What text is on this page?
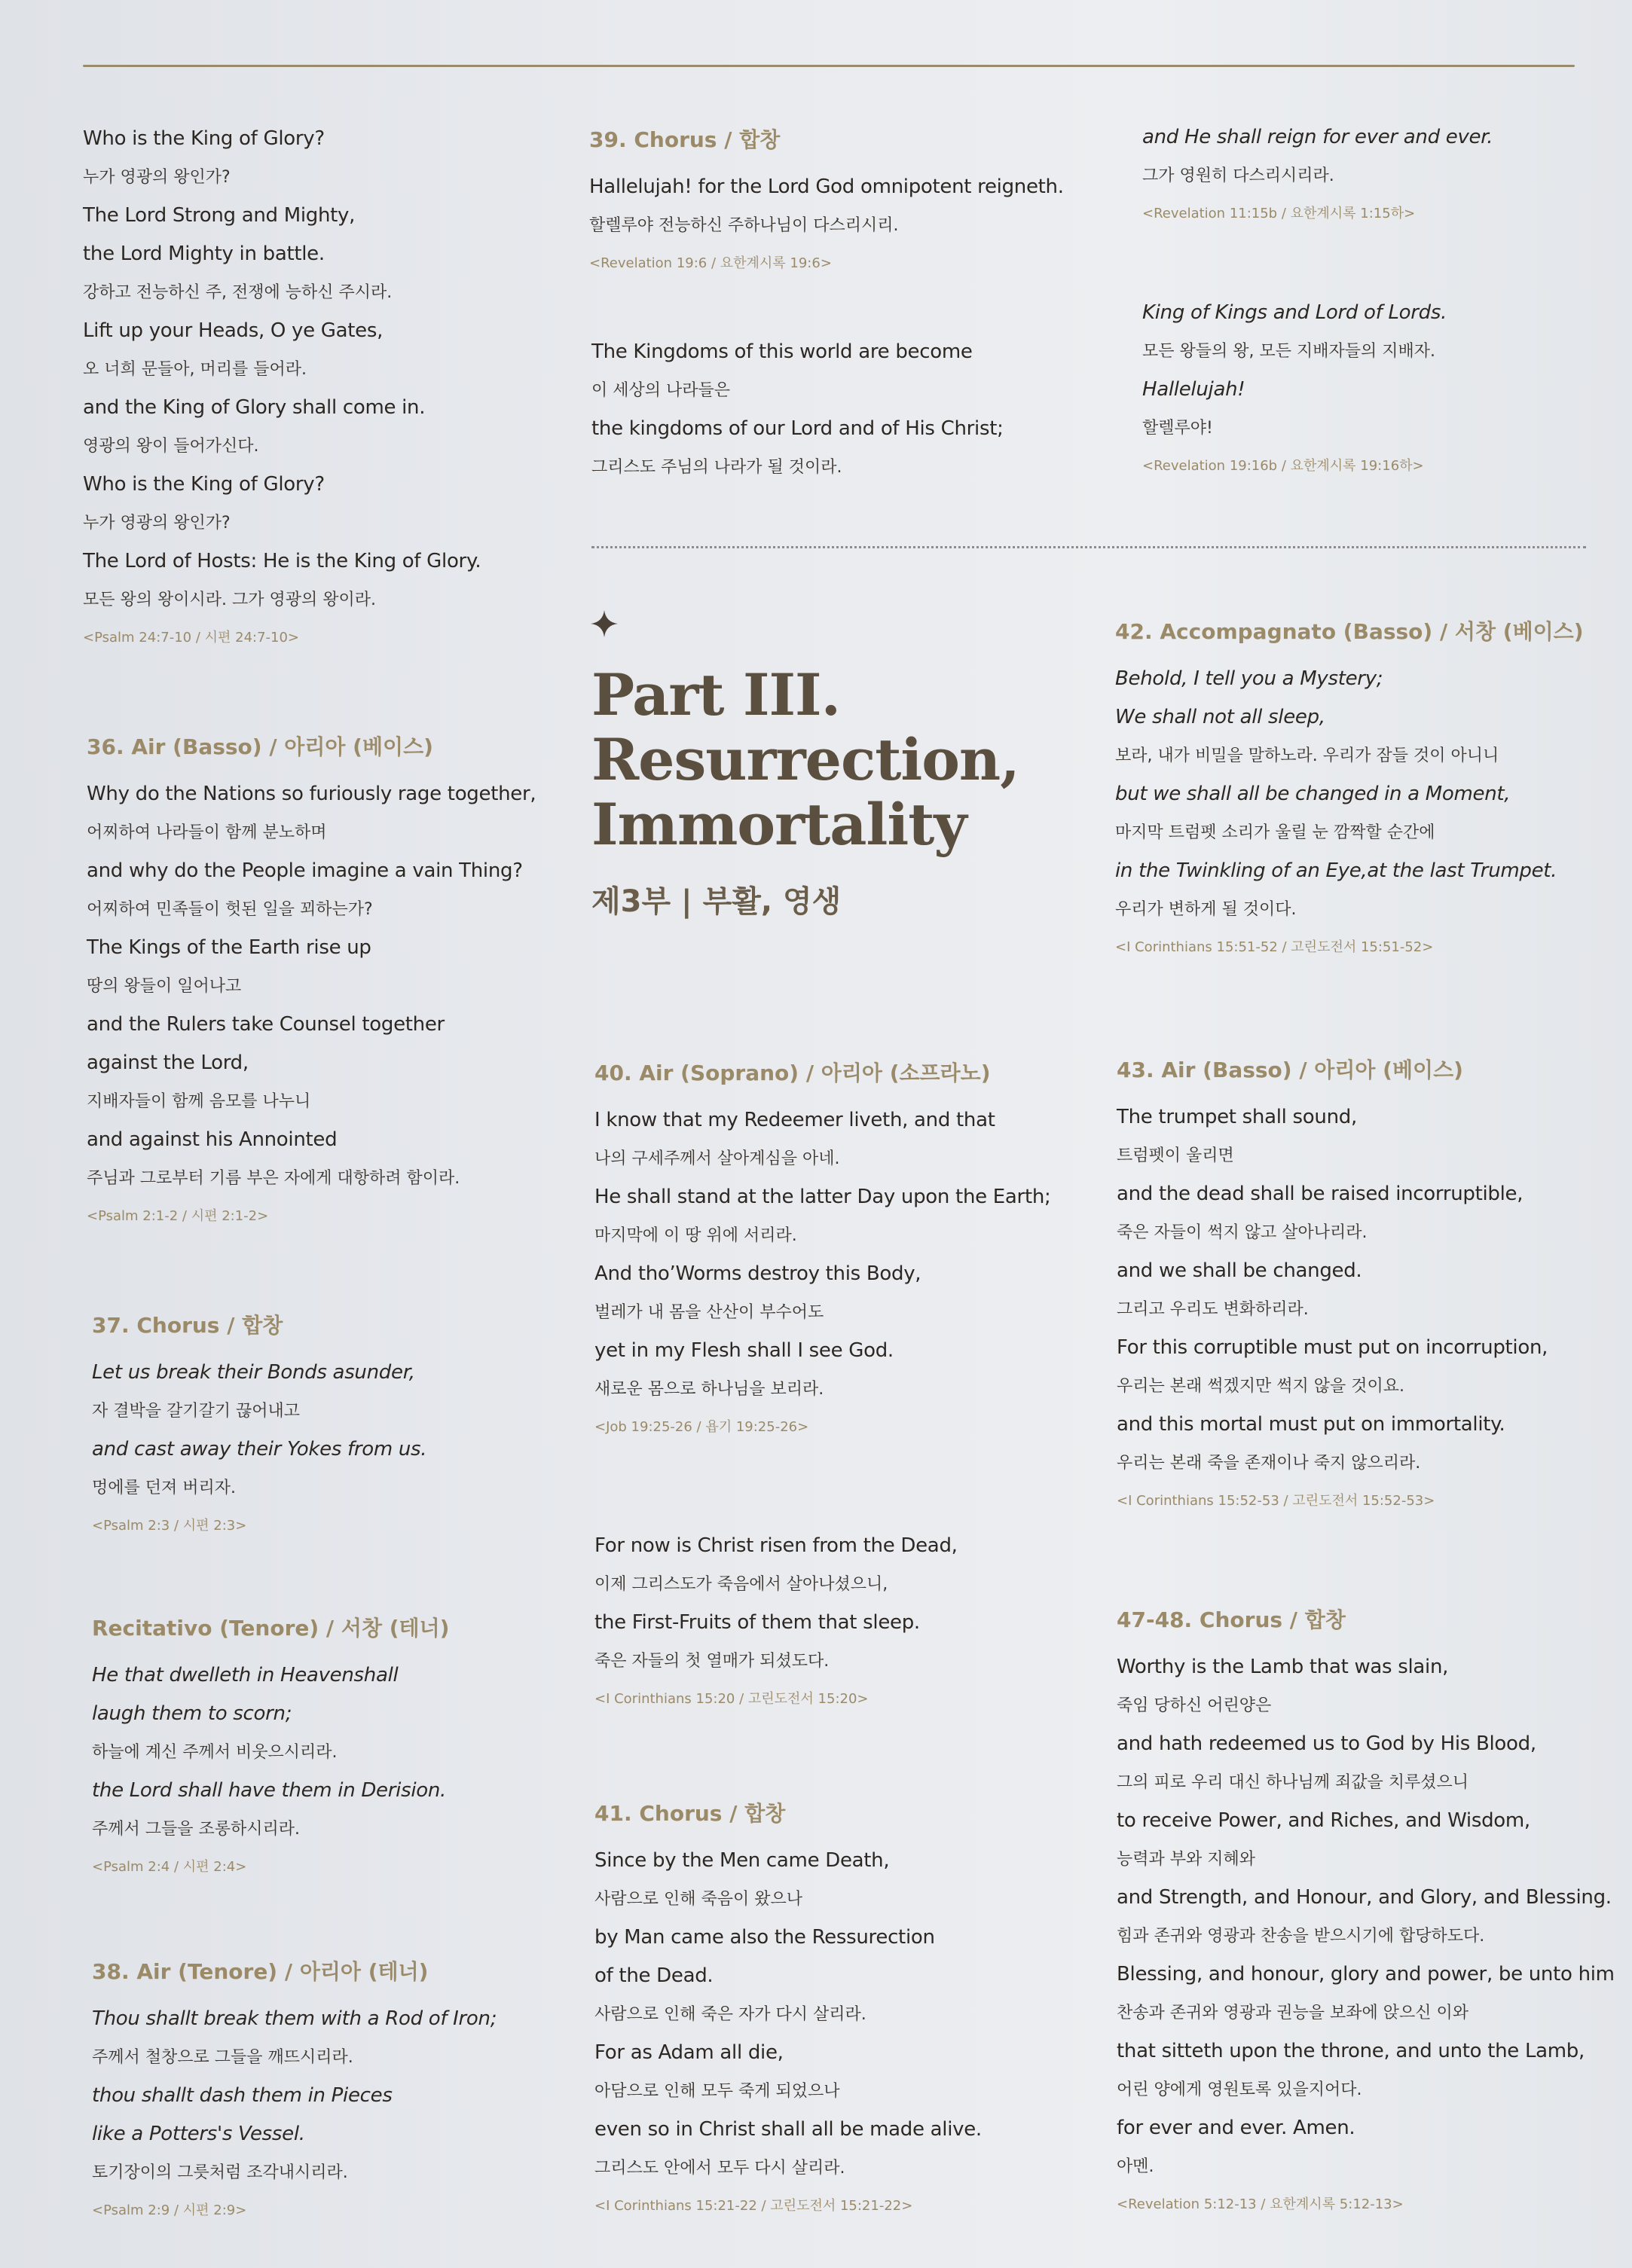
Who is the King of Glory?

누가 영광의 왕인가?

The Lord Strong and Mighty,

the Lord Mighty in battle.

강하고 전능하신 주, 전쟁에 능하신 주시라.

Lift up your Heads, O ye Gates,

오 너희 문들아, 머리를 들어라.

and the King of Glory shall come in.

영광의 왕이 들어가신다.

Who is the King of Glory?

누가 영광의 왕인가?

The Lord of Hosts: He is the King of Glory.

모든 왕의 왕이시라. 그가 영광의 왕이라.

<Psalm 24:7-10 / 시편 24:7-10>

36. Air (Basso) / 아리아 (베이스)

Why do the Nations so furiously rage together,

어찌하여 나라들이 함께 분노하며

and why do the People imagine a vain Thing?

어찌하여 민족들이 헛된 일을 꾀하는가?

The Kings of the Earth rise up

땅의 왕들이 일어나고

and the Rulers take Counsel together

against the Lord,

지배자들이 함께 음모를 나누니

and against his Annointed

주님과 그로부터 기름 부은 자에게 대항하려 함이라.

<Psalm 2:1-2 / 시편 2:1-2>

37. Chorus / 합창

Let us break their Bonds asunder,

자 결박을 갈기갈기 끊어내고

and cast away their Yokes from us.

멍에를 던져 버리자.

<Psalm 2:3 / 시편 2:3>

Recitativo (Tenore) / 서창 (테너)

He that dwelleth in Heavenshall

laugh them to scorn;

하늘에 계신 주께서 비웃으시리라.

the Lord shall have them in Derision.

주께서 그들을 조롱하시리라.

<Psalm 2:4 / 시편 2:4>

38. Air (Tenore) / 아리아 (테너)

Thou shallt break them with a Rod of Iron;

주께서 철창으로 그들을 깨뜨시리라.

thou shallt dash them in Pieces

like a Potters's Vessel.

토기장이의 그릇처럼 조각내시리라.

<Psalm 2:9 / 시편 2:9>

39. Chorus / 합창

Hallelujah! for the Lord God omnipotent reigneth.

할렐루야 전능하신 주하나님이 다스리시리.

<Revelation 19:6 / 요한계시록 19:6>

The Kingdoms of this world are become

이 세상의 나라들은

the kingdoms of our Lord and of His Christ;

그리스도 주님의 나라가 될 것이라.

Part III.
Resurrection,
Immortality
제3부 | 부활, 영생

40. Air (Soprano) / 아리아 (소프라노)

I know that my Redeemer liveth, and that

나의 구세주께서 살아계심을 아네.

He shall stand at the latter Day upon the Earth;

마지막에 이 땅 위에 서리라.

And tho’Worms destroy this Body,

벌레가 내 몸을 산산이 부수어도

yet in my Flesh shall I see God.

새로운 몸으로 하나님을 보리라.

<Job 19:25-26 / 욥기 19:25-26>

For now is Christ risen from the Dead,

이제 그리스도가 죽음에서 살아나셨으니,

the First-Fruits of them that sleep.

죽은 자들의 첫 열매가 되셨도다.

<I Corinthians 15:20 / 고린도전서 15:20>

41. Chorus / 합창

Since by the Men came Death,

사람으로 인해 죽음이 왔으나

by Man came also the Ressurection

of the Dead.

사람으로 인해 죽은 자가 다시 살리라.

For as Adam all die,

아담으로 인해 모두 죽게 되었으나

even so in Christ shall all be made alive.

그리스도 안에서 모두 다시 살리라.

<I Corinthians 15:21-22 / 고린도전서 15:21-22>

and He shall reign for ever and ever.

그가 영원히 다스리시리라.

<Revelation 11:15b / 요한계시록 1:15하>

King of Kings and Lord of Lords.

모든 왕들의 왕, 모든 지배자들의 지배자.

Hallelujah!

할렐루야!

<Revelation 19:16b / 요한계시록 19:16하>

42. Accompagnato (Basso) / 서창 (베이스)

Behold, I tell you a Mystery;

We shall not all sleep,

보라, 내가 비밀을 말하노라. 우리가 잠들 것이 아니니

but we shall all be changed in a Moment,

마지막 트럼펫 소리가 울릴 눈 깜짝할 순간에

in the Twinkling of an Eye,at the last Trumpet.

우리가 변하게 될 것이다.

<I Corinthians 15:51-52 / 고린도전서 15:51-52>

43. Air (Basso) / 아리아 (베이스)

The trumpet shall sound,

트럼펫이 울리면

and the dead shall be raised incorruptible,

죽은 자들이 썩지 않고 살아나리라.

and we shall be changed.

그리고 우리도 변화하리라.

For this corruptible must put on incorruption,

우리는 본래 썩겠지만 썩지 않을 것이요.

and this mortal must put on immortality.

우리는 본래 죽을 존재이나 죽지 않으리라.

<I Corinthians 15:52-53 / 고린도전서 15:52-53>

47-48. Chorus / 합창

Worthy is the Lamb that was slain,

죽임 당하신 어린양은

and hath redeemed us to God by His Blood,

그의 피로 우리 대신 하나님께 죄값을 치루셨으니

to receive Power, and Riches, and Wisdom,

능력과 부와 지혜와

and Strength, and Honour, and Glory, and Blessing.

힘과 존귀와 영광과 찬송을 받으시기에 합당하도다.

Blessing, and honour, glory and power, be unto him

찬송과 존귀와 영광과 권능을 보좌에 앉으신 이와

that sitteth upon the throne, and unto the Lamb,

어린 양에게 영원토록 있을지어다.

for ever and ever. Amen.

아멘.

<Revelation 5:12-13 / 요한계시록 5:12-13>
